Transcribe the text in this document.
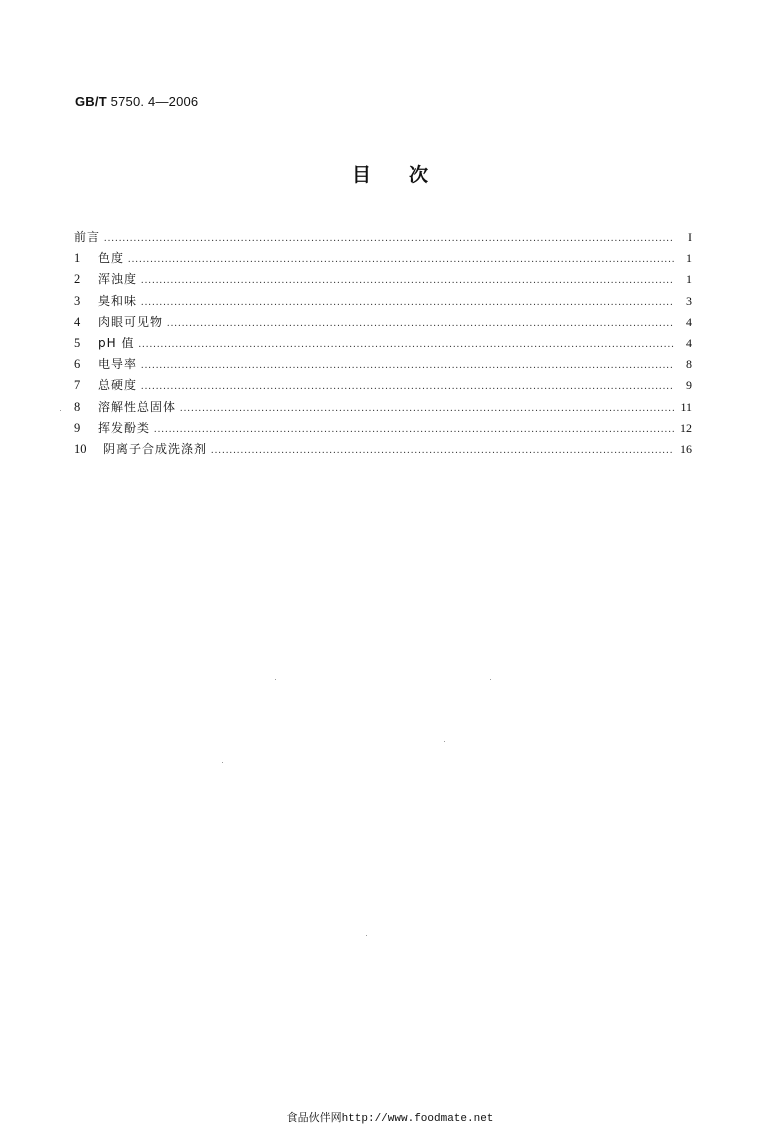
GB/T 5750. 4—2006
目次
前言 .....	I
1	色度 .....	1
2	浑浊度 .....	1
3	臭和味 .....	3
4	肉眼可见物 .....	4
5	pH 值 .....	4
6	电导率 .....	8
7	总硬度 .....	9
8	溶解性总固体 .....	11
9	挥发酚类 .....	12
10	阴离子合成洗涤剂 .....	16
食品伙伴网http://www.foodmate.net
